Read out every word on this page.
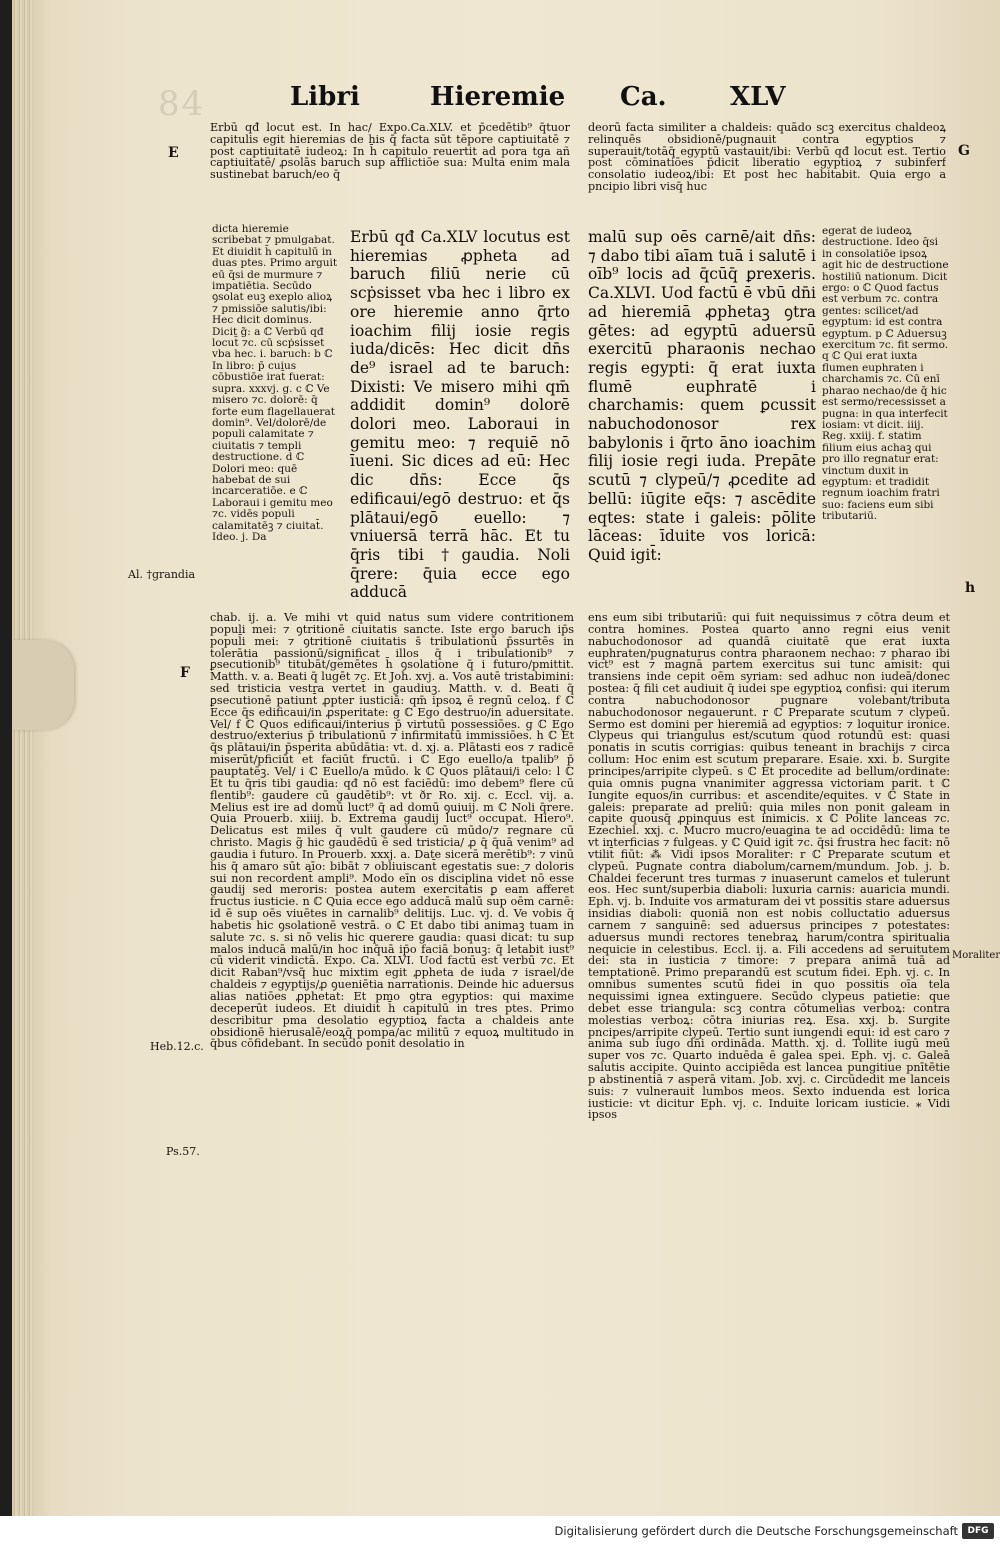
84	Libri	Hieremie Ca. XLV
Erbū qđ locut̄ est. In hac/ Expo.Ca.XLV. et p̄cedētib⁹ q̄tuor capitulis egit hieremias de his q̄ facta sūt tēpore captiuitatē ⁊ post captiuitatē iudeoꝝ: In h̄ capitulo reuertit ad pora tga añ captiuitatē/ ꝓsolās baruch sup afflictiōe sua: Multa enim mala sustinebat baruch/eo q̄
dicta hieremie scribebat ⁊ pmulgabat. Et diuidit h̄ capitulū in duas ptes. Primo arguit eū q̄si de murmure ⁊ impatiētia. Secūdo ꝯsolat euꝫ exeplo alioꝝ ⁊ pmissiōe salutis/ibi: Hec dicit dominus. Dicit g̃: a ℂ Verbū qđ locut̄ ⁊c. cū scṗsisset vba hec. i. baruch: b ℂ In libro: p̄ cuius cōbustiōe irat̄ fuerat: supra. xxxvj. g. c ℂ Ve misero ⁊c. dolorē: q̄ forte eum flagellauerat domin⁹. Vel/dolorē/de populi calamitate ⁊ ciuitatis ⁊ templi destructione. d ℂ Dolori meo: quē habebat de sui incarceratiōe. e ℂ Laboraui i gemitu meo ⁊c. vidēs populi calamitatēꝫ ⁊ ciuitat̄. Ideo. j. Da
Erbū qđ Ca.XLV locutus est hieremias ꝓpheta ad baruch filiū nerie cū scṗsisset vba hec i libro ex ore hieremie anno q̄rto ioachim filij iosie regis iuda/dicēs: Hec dicit dn̄s de⁹ israel ad te baruch: Dixisti: Ve misero mihi qm̄ addidit domin⁹ dolorē dolori meo. Laboraui in gemitu meo: ⁊ requiē nō īueni. Sic dices ad eū: Hec dic dn̄s: Ecce q̄s edificaui/egō destruo: et q̄s plātaui/egō euello: ⁊ vniuersā terrā hāc. Et tu q̄ris tibi †gaudia. Noli q̄rere: q̄uia ecce ego adducā
malū sup oēs carnē/ait dn̄s: ⁊ dabo tibi aīam tuā i salutē i oīb⁹ locis ad q̄cūq̄ ꝑrexeris. Ca.XLVI. Uod factū ē vbū dn̄i ad hieremiā ꝓphetaꝫ ꝯtra gētes: ad egyptū aduersū exercitū pharaonis nechao regis egypti: q̄ erat iuxta flumē euphratē i charchamis: quem ꝑcussit nabuchodonosor rex babylonis i q̄rto āno ioachim filij iosie regi iuda. Prepāte scutū ⁊ clypeū/⁊ ꝓcedite ad bellū: iūgite eq̄s: ⁊ ascēdite eqtes: state i galeis: pōlite lāceas: īduite vos loricā: Quid igit̄:
deorū facta similiter a chaldeis: quādo scꝫ exercitus chaldeoꝝ relinquēs obsidionē/pugnauit contra egyptios ⁊ superauit/totāq̄ egyptū vastauit/ibi: Verbū qđ locut̄ est. Tertio post cōminatiōes p̄dicit liberatio egyptioꝝ ⁊ subinferf consolatio iudeoꝝ/ibi: Et post hec habitabit. Quia ergo a pncipio libri visq̄ huc
egerat de iudeoꝝ destructione. Ideo q̄si in consolatiōe ipsoꝝ agit hic de destructione hostiliū nationum. Dicit ergo: o ℂ Quod factus est verbum ⁊c. contra gentes: scilicet/ad egyptum: id est contra egyptum. p ℂ Aduersuꝫ exercitum ⁊c. fit sermo. q ℂ Qui erat iuxta flumen euphraten i charchamis ⁊c. Cū enī pharao nechao/de q̄ hic est sermo/recessisset a pugna: in qua interfecit iosiam: vt dicit. iiij. Reg. xxiij. f. statim filium eius achaꝫ qui pro illo regnatur erat: vinctum duxit in egyptum: et tradidit regnum ioachim fratri suo: faciens eum sibi tributariū.
chab. ij. a. Ve mihi vt quid natus sum videre contritionem populi mei: ⁊ ꝯtritionē ciuitatis sancte. Iste ergo baruch ip̄s popul̄i mei: ⁊ ꝯtritionē ciuitatis s̄ tribulationū p̄ssurtēs in tolerātia passionū/significat illos q̄ i tribulationib⁹ ⁊ ꝑsecutionib⁹ titubāt/gemētes h̄ ꝯsolatione q̄ i futuro/pmittit. Matth. v. a. Beati q̄ lugēt ⁊c. Et Joh. xvj. a. Vos autē tristabimini: sed tristicia vestra vertet̄ in gaudiuꝫ. Matth. v. d. Beati q̄ ꝑsecutionē patiunt̄ ꝓpter iusticiā: qm̄ ipsoꝝ ē regnū celoꝝ. f ℂ Ecce q̄s edificaui/in ꝓsperitate: g ℂ Ego destruo/in aduersitate. Vel/ f ℂ Quos edificaui/interius p̄ virtutū possessiōes. g ℂ Ego destruo/exterius p̄ tribulationū ⁊ infirmitatū immissiōes. h ℂ Et q̄s plātaui/in p̄sperita abūdātia: vt. d. xj. a. Plātasti eos ⁊ radicē miserūt/pficiūt et faciūt fructū. i ℂ Ego euello/a tpalib⁹ p̄ pauptatēꝫ. Vel/ i ℂ Euello/a mūdo. k ℂ Quos plātaui/i celo: l ℂ Et tu q̄ris tibi gaudia: qđ nō est faciēdū: imo debem⁹ flere cū flentib⁹: gaudere cū gaudētib⁹: vt ðr Ro. xij. c. Eccl. vij. a. Melius est ire ad domū luct⁹ q̄ ad domū ꝯuiuij. m ℂ Noli q̄rere. Quia Prouerb. xiiij. b. Extrema gaudij luct⁹ occupat. Hiero⁹. Delicatus est miles q̄ vult gaudere cū mūdo/⁊ regnare cū christo. Magis g̃ hic gaudēdū ē sed tristicia/ ꝓ q̄ q̄uā venim⁹ ad gaudia i futuro. In Prouerb. xxxj. a. Date sicerā merētib⁹: ⁊ vinū his q̄ amaro sūt aīo: bibāt ⁊ obliuiscant̄ egestatis sue: ⁊ doloris sui non recordent̄ ampli⁹. Modo eīn os disciplina videt̄ nō esse gaudij sed meroris: postea autem exercitatis ꝑ eam afferet fructus iusticie. n ℂ Quia ecce ego adducā malū sup oēm carnē: id ē sup oēs viuētes in carnalib⁹ delitijs. Luc. vj. d. Ve vobis q̄ habetis hic ꝯsolationē vestrā. o ℂ Et dabo tibi animaꝫ tuam in salute ⁊c. s. si nō velis hic querere gaudia: quasi dicat: tu sup malos inducā malū/in hoc inq̄uā ip̄o faciā bonuꝫ: q̄ letabit iust⁹ cū viderit vindictā. Expo. Ca. XLVI. Uod factū est verbū ⁊c. Et dicit Raban⁹/vsq̄ huc mixtim egit ꝓpheta de iuda ⁊ israel/de chaldeis ⁊ egyptijs/ꝓ ꝯueniētia narrationis. Deinde hic aduersus alias natiōes ꝓphetat: Et pmo ꝯtra egyptios: qui maxime deceperūt iudeos. Et diuidit h̄ capitulū in tres ptes. Primo describitur pma desolatio egyptioꝝ facta a chaldeis ante obsidionē hierusalē/eoꝝq̄ pompa/ac militū ⁊ equoꝝ multitudo in q̄bus cōfidebant. In secūdo ponit desolatio in
ens eum sibi tributariū: qui fuit nequissimus ⁊ cōtra deum et contra homines. Postea quarto anno regni eius venit nabuchodonosor ad quandā ciuitatē que erat iuxta euphraten/pugnaturus contra pharaonem nechao: ⁊ pharao ibi vict⁹ est ⁊ magnā partem exercitus sui tunc amisit: qui transiens inde cepit oēm syriam: sed adhuc non iudeā/donec postea: q̄ fili cet audiuit q̄ iudei spe egyptioꝝ confisi: qui iterum contra nabuchodonosor pugnare volebant/tributa nabuchodonosor negauerunt. r ℂ Preparate scutum ⁊ clypeū. Sermo est domini per hieremiā ad egyptios: ⁊ loquitur ironice. Clypeus qui triangulus est/scutum quod rotundū est: quasi ponatis in scutis corrigias: quibus teneant in brachijs ⁊ circa collum: Hoc enim est scutum preparare. Esaie. xxi. b. Surgite principes/arripite clypeū. s ℂ Et procedite ad bellum/ordinate: quia omnis pugna vnanimiter aggressa victoriam parit. t ℂ Iungite equos/in curribus: et ascendite/equites. v ℂ State in galeis: preparate ad preliū: quia miles non ponit galeam in capite quousq̄ ꝓpinquus est inimicis. x ℂ Polite lanceas ⁊c. Ezechiel. xxj. c. Mucro mucro/euagina te ad occidēdū: lima te vt interficias ⁊ fulgeas. y ℂ Quid igit̄ ⁊c. q̄si frustra hec facit: nō vtilit̄ fiūt: ⁂ Vidi ipsos Moraliter: r ℂ Preparate scutum et clypeū. Pugnate contra diabolum/carnem/mundum. Job. j. b. Chaldei fecerunt tres turmas ⁊ inuaserunt camelos et tulerunt eos. Hec sunt/superbia diaboli: luxuria carnis: auaricia mundi. Eph. vj. b. Induite vos armaturam dei vt possitis stare aduersus insidias diaboli: quoniā non est nobis colluctatio aduersus carnem ⁊ sanguinē: sed aduersus principes ⁊ potestates: aduersus mundi rectores tenebraꝝ harum/contra spiritualia nequicie in celestibus. Eccl. ij. a. Fili accedens ad seruitutem dei: sta in iusticia ⁊ timore: ⁊ prepara animā tuā ad temptationē. Primo preparandū est scutum fidei. Eph. vj. c. In omnibus sumentes scutū fidei in quo possitis oīa tela nequissimi ignea extinguere. Secūdo clypeus patietie: que debet esse triangula: scꝫ contra cōtumelias verboꝝ: contra molestias verboꝝ: cōtra iniurias reꝝ. Esa. xxj. b. Surgite pncipes/arripite clypeū. Tertio sunt iungendi equi: id est caro ⁊ anima sub iugo dn̄i ordināda. Matth. xj. d. Tollite iugū meū super vos ⁊c. Quarto induēda ē galea spei. Eph. vj. c. Galeā salutis accipite. Quinto accipiēda est lancea pungitiue pnītētie p abstinentiā ⁊ asperā vitam. Job. xvj. c. Circūdedit me lanceis suis: ⁊ vulnerauit lumbos meos. Sexto induenda est lorica iusticie: vt dicitur Eph. vj. c. Induite loricam iusticie. ⁎ Vidi ipsos
Al. †grandia
Heb.12.c.
Ps.57.
Moraliter
E	G
h
F
Digitalisierung gefördert durch die Deutsche Forschungsgemeinschaft	DFG
